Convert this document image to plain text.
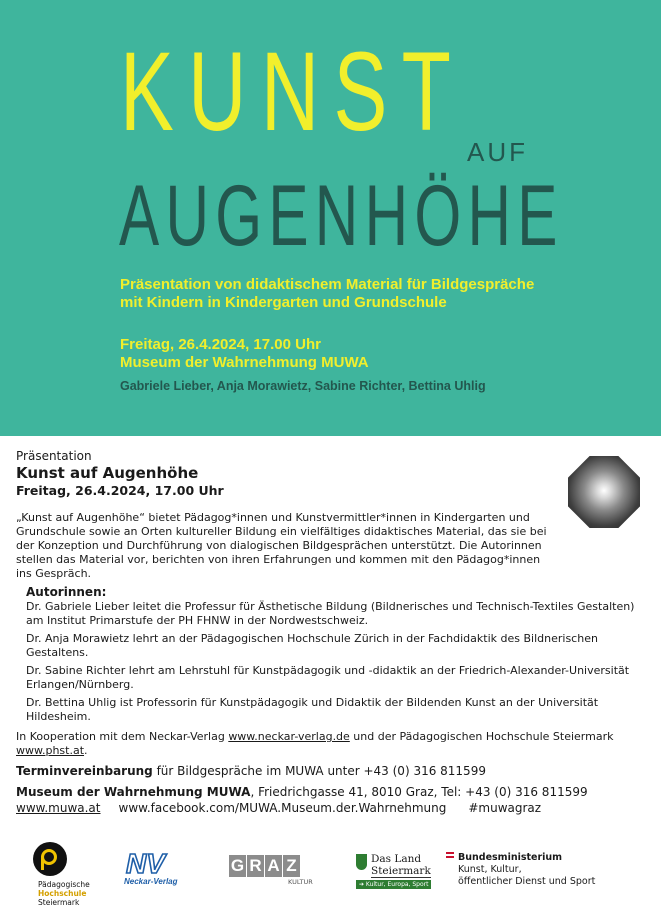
KUNST AUF
AUGENHÖHE
Präsentation von didaktischem Material für Bildgespräche mit Kindern in Kindergarten und Grundschule
Freitag, 26.4.2024, 17.00 Uhr
Museum der Wahrnehmung MUWA
Gabriele Lieber, Anja Morawietz, Sabine Richter, Bettina Uhlig
Präsentation
Kunst auf Augenhöhe
Freitag, 26.4.2024, 17.00 Uhr
„Kunst auf Augenhöhe“ bietet Pädagog*innen und Kunstvermittler*innen in Kindergarten und Grundschule sowie an Orten kultureller Bildung ein vielfältiges didaktisches Material, das sie bei der Konzeption und Durchführung von dialogischen Bildgesprächen unterstützt. Die Autorinnen stellen das Material vor, berichten von ihren Erfahrungen und kommen mit den Pädagog*innen ins Gespräch.
Autorinnen:
Dr. Gabriele Lieber leitet die Professur für Ästhetische Bildung (Bildnerisches und Technisch-Textiles Gestalten) am Institut Primarstufe der PH FHNW in der Nordwestschweiz.
Dr. Anja Morawietz lehrt an der Pädagogischen Hochschule Zürich in der Fachdidaktik des Bildnerischen Gestaltens.
Dr. Sabine Richter lehrt am Lehrstuhl für Kunstpädagogik und -didaktik an der Friedrich-Alexander-Universität Erlangen/Nürnberg.
Dr. Bettina Uhlig ist Professorin für Kunstpädagogik und Didaktik der Bildenden Kunst an der Universität Hildesheim.
In Kooperation mit dem Neckar-Verlag www.neckar-verlag.de und der Pädagogischen Hochschule Steiermark www.phst.at.
Terminvereinbarung für Bildgespräche im MUWA unter +43 (0) 316 811599
Museum der Wahrnehmung MUWA, Friedrichgasse 41, 8010 Graz, Tel: +43 (0) 316 811599
www.muwa.at www.facebook.com/MUWA.Museum.der.Wahrnehmung #muwagraz
Pädagogische
Hochschule
Steiermark
NV
Neckar-Verlag
G R A Z
KULTUR
Das Land
Steiermark
➔ Kultur, Europa, Sport
Bundesministerium
Kunst, Kultur,
öffentlicher Dienst und Sport
